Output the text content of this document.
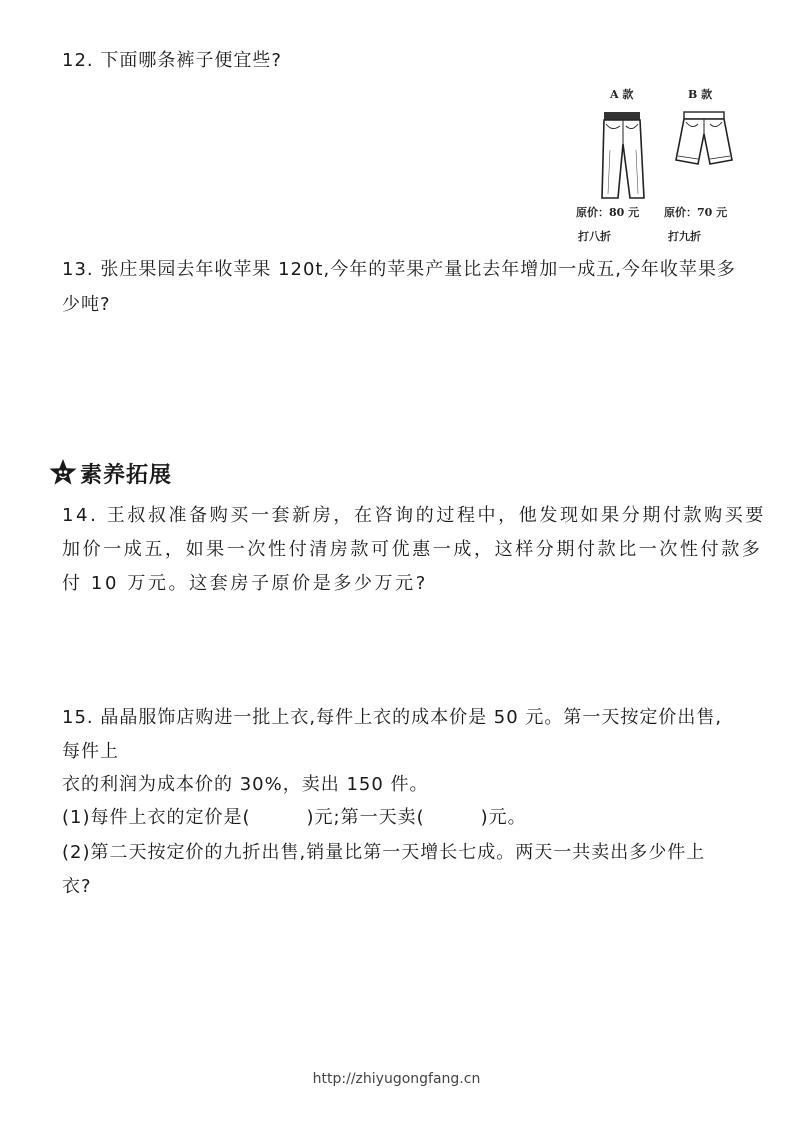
12. 下面哪条裤子便宜些?
A 款	B 款
原价：80 元 原价：70 元
打八折	打九折
13. 张庄果园去年收苹果 120t,今年的苹果产量比去年增加一成五,今年收苹果多
少吨?
素养拓展
14. 王叔叔准备购买一套新房，在咨询的过程中，他发现如果分期付款购买要
加价一成五，如果一次性付清房款可优惠一成，这样分期付款比一次性付款多
付 10 万元。这套房子原价是多少万元?
15. 晶晶服饰店购进一批上衣,每件上衣的成本价是 50 元。第一天按定价出售,
每件上
衣的利润为成本价的 30%，卖出 150 件。
(1)每件上衣的定价是(	)元;第一天卖(	)元。
(2)第二天按定价的九折出售,销量比第一天增长七成。两天一共卖出多少件上
衣?
http://zhiyugongfang.cn
